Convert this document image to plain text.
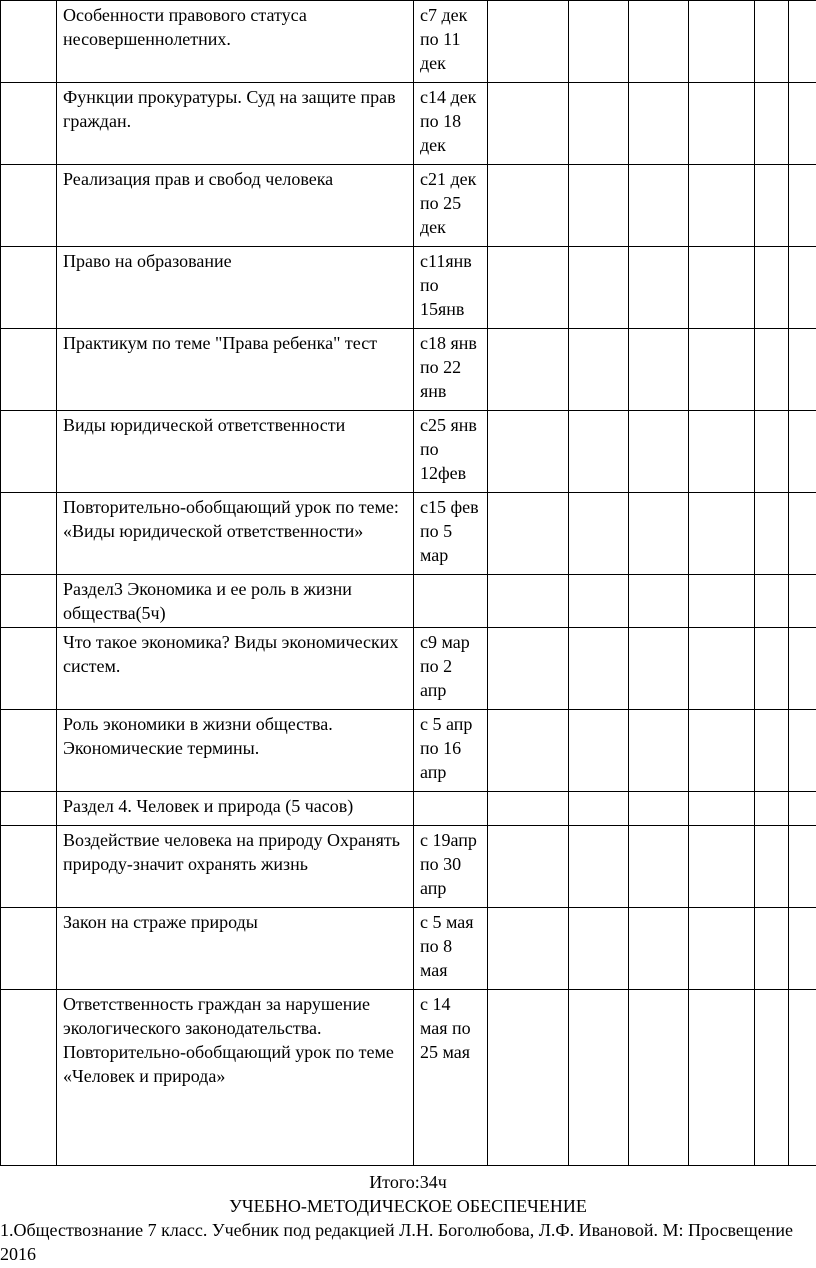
	Особенности правового статуса несовершеннолетних.	с7 дек по 11 дек						
	Функции прокуратуры. Суд на защите прав граждан.	с14 дек по 18 дек						
	Реализация прав и свобод человека	с21 дек по 25 дек						
	Право на образование	с11янв по 15янв						
	Практикум по теме "Права ребенка" тест	с18 янв по 22 янв						
	Виды юридической ответственности	с25 янв по 12фев						
	Повторительно-обобщающий урок по теме: «Виды юридической ответственности»	с15 фев по 5 мар						
	Раздел3 Экономика и ее роль в жизни общества(5ч)							
	Что такое экономика? Виды экономических систем.	с9 мар по 2 апр						
	Роль экономики в жизни общества. Экономические термины.	с 5 апр по 16 апр						
	Раздел 4. Человек и природа (5 часов)							
	Воздействие человека на природу Охранять природу-значит охранять жизнь	с 19апр по 30 апр						
	Закон на страже природы	с 5 мая по 8 мая						
	Ответственность граждан за нарушение экологического законодательства. Повторительно-обобщающий урок по теме «Человек и природа»	с 14 мая по 25 мая						
Итого:34ч
УЧЕБНО-МЕТОДИЧЕСКОЕ ОБЕСПЕЧЕНИЕ
1.Обществознание 7 класс. Учебник под редакцией Л.Н. Боголюбова, Л.Ф. Ивановой. М: Просвещение 2016
